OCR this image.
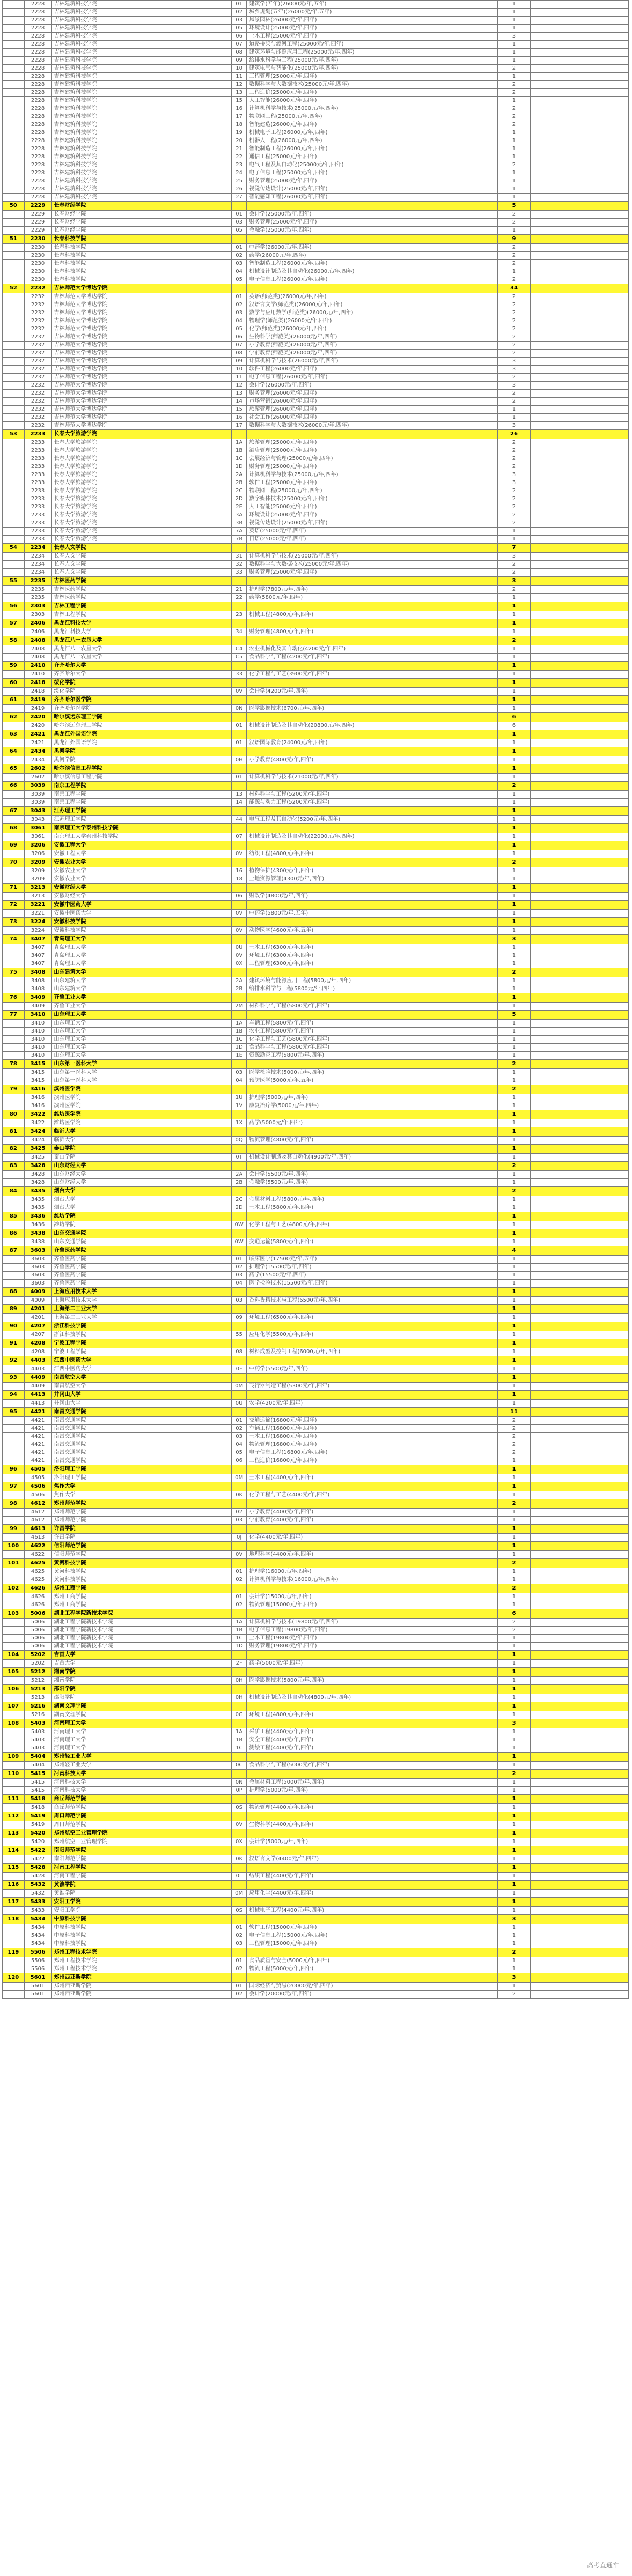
	2228	吉林建筑科技学院	01	建筑学(五年)(26000元/年,五年)	1	
	2228	吉林建筑科技学院	02	城乡规划(五年)(26000元/年,五年)	1	
	2228	吉林建筑科技学院	03	风景园林(26000元/年,四年)	1	
	2228	吉林建筑科技学院	05	环境设计(25000元/年,四年)	1	
	2228	吉林建筑科技学院	06	土木工程(25000元/年,四年)	3	
	2228	吉林建筑科技学院	07	道路桥梁与渡河工程(25000元/年,四年)	1	
	2228	吉林建筑科技学院	08	建筑环境与能源应用工程(25000元/年,四年)	1	
	2228	吉林建筑科技学院	09	给排水科学与工程(25000元/年,四年)	1	
	2228	吉林建筑科技学院	10	建筑电气与智能化(25000元/年,四年)	2	
	2228	吉林建筑科技学院	11	工程管理(25000元/年,四年)	1	
	2228	吉林建筑科技学院	12	数据科学与大数据技术(25000元/年,四年)	2	
	2228	吉林建筑科技学院	13	工程造价(25000元/年,四年)	2	
	2228	吉林建筑科技学院	15	人工智能(26000元/年,四年)	1	
	2228	吉林建筑科技学院	16	计算机科学与技术(25000元/年,四年)	2	
	2228	吉林建筑科技学院	17	物联网工程(25000元/年,四年)	2	
	2228	吉林建筑科技学院	18	智能建造(26000元/年,四年)	2	
	2228	吉林建筑科技学院	19	机械电子工程(26000元/年,四年)	1	
	2228	吉林建筑科技学院	20	机器人工程(26000元/年,四年)	1	
	2228	吉林建筑科技学院	21	智能制造工程(26000元/年,四年)	1	
	2228	吉林建筑科技学院	22	通信工程(25000元/年,四年)	1	
	2228	吉林建筑科技学院	23	电气工程及其自动化(25000元/年,四年)	2	
	2228	吉林建筑科技学院	24	电子信息工程(25000元/年,四年)	1	
	2228	吉林建筑科技学院	25	财务管理(25000元/年,四年)	1	
	2228	吉林建筑科技学院	26	视觉传达设计(25000元/年,四年)	1	
	2228	吉林建筑科技学院	27	智能感知工程(26000元/年,四年)	1	
50	2229	长春财经学院			5	
	2229	长春财经学院	01	会计学(25000元/年,四年)	2	
	2229	长春财经学院	03	财务管理(25000元/年,四年)	2	
	2229	长春财经学院	05	金融学(25000元/年,四年)	1	
51	2230	长春科技学院			9	
	2230	长春科技学院	01	中药学(26000元/年,四年)	2	
	2230	长春科技学院	02	药学(26000元/年,四年)	2	
	2230	长春科技学院	03	智能制造工程(26000元/年,四年)	2	
	2230	长春科技学院	04	机械设计制造及其自动化(26000元/年,四年)	1	
	2230	长春科技学院	05	电子信息工程(26000元/年,四年)	2	
52	2232	吉林师范大学博达学院			34	
	2232	吉林师范大学博达学院	01	英语(师范类)(26000元/年,四年)	2	
	2232	吉林师范大学博达学院	02	汉语言文学(师范类)(26000元/年,四年)	2	
	2232	吉林师范大学博达学院	03	数学与应用数学(师范类)(26000元/年,四年)	2	
	2232	吉林师范大学博达学院	04	物理学(师范类)(26000元/年,四年)	2	
	2232	吉林师范大学博达学院	05	化学(师范类)(26000元/年,四年)	2	
	2232	吉林师范大学博达学院	06	生物科学(师范类)(26000元/年,四年)	2	
	2232	吉林师范大学博达学院	07	小学教育(师范类)(26000元/年,四年)	2	
	2232	吉林师范大学博达学院	08	学前教育(师范类)(26000元/年,四年)	2	
	2232	吉林师范大学博达学院	09	计算机科学与技术(26000元/年,四年)	3	
	2232	吉林师范大学博达学院	10	软件工程(26000元/年,四年)	3	
	2232	吉林师范大学博达学院	11	电子信息工程(26000元/年,四年)	2	
	2232	吉林师范大学博达学院	12	会计学(26000元/年,四年)	3	
	2232	吉林师范大学博达学院	13	财务管理(26000元/年,四年)	2	
	2232	吉林师范大学博达学院	14	市场营销(26000元/年,四年)	2	
	2232	吉林师范大学博达学院	15	旅游管理(26000元/年,四年)	1	
	2232	吉林师范大学博达学院	16	社会工作(26000元/年,四年)	1	
	2232	吉林师范大学博达学院	17	数据科学与大数据技术(26000元/年,四年)	3	
53	2233	长春大学旅游学院			26	
	2233	长春大学旅游学院	1A	旅游管理(25000元/年,四年)	2	
	2233	长春大学旅游学院	1B	酒店管理(25000元/年,四年)	2	
	2233	长春大学旅游学院	1C	会展经济与管理(25000元/年,四年)	2	
	2233	长春大学旅游学院	1D	财务管理(25000元/年,四年)	2	
	2233	长春大学旅游学院	2A	计算机科学与技术(25000元/年,四年)	3	
	2233	长春大学旅游学院	2B	软件工程(25000元/年,四年)	3	
	2233	长春大学旅游学院	2C	物联网工程(25000元/年,四年)	2	
	2233	长春大学旅游学院	2D	数字媒体技术(25000元/年,四年)	2	
	2233	长春大学旅游学院	2E	人工智能(25000元/年,四年)	2	
	2233	长春大学旅游学院	3A	环境设计(25000元/年,四年)	2	
	2233	长春大学旅游学院	3B	视觉传达设计(25000元/年,四年)	2	
	2233	长春大学旅游学院	7A	英语(25000元/年,四年)	1	
	2233	长春大学旅游学院	7B	日语(25000元/年,四年)	1	
54	2234	长春人文学院			7	
	2234	长春人文学院	31	计算机科学与技术(25000元/年,四年)	3	
	2234	长春人文学院	32	数据科学与大数据技术(25000元/年,四年)	2	
	2234	长春人文学院	33	财务管理(25000元/年,四年)	2	
55	2235	吉林医药学院			3	
	2235	吉林医药学院	21	护理学(7800元/年,四年)	2	
	2235	吉林医药学院	22	药学(5800元/年,四年)	1	
56	2303	吉林工程学院			1	
	2303	吉林工程学院	23	机械工程(4800元/年,四年)	1	
57	2406	黑龙江科技大学			1	
	2406	黑龙江科技大学	34	财务管理(4800元/年,四年)	1	
58	2408	黑龙江八一农垦大学			2	
	2408	黑龙江八一农垦大学	C4	农业机械化及其自动化(4200元/年,四年)	1	
	2408	黑龙江八一农垦大学	C5	食品科学与工程(4200元/年,四年)	1	
59	2410	齐齐哈尔大学			1	
	2410	齐齐哈尔大学	33	化学工程与工艺(3900元/年,四年)	1	
60	2418	绥化学院			1	
	2418	绥化学院	0V	会计学(4200元/年,四年)	1	
61	2419	齐齐哈尔医学院			1	
	2419	齐齐哈尔医学院	0N	医学影像技术(6700元/年,四年)	1	
62	2420	哈尔滨远东理工学院			6	
	2420	哈尔滨远东理工学院	01	机械设计制造及其自动化(20800元/年,四年)	6	
63	2421	黑龙江外国语学院			1	
	2421	黑龙江外国语学院	01	汉语国际教育(24000元/年,四年)	1	
64	2434	黑河学院			1	
	2434	黑河学院	0H	小学教育(4800元/年,四年)	1	
65	2602	哈尔滨信息工程学院			1	
	2602	哈尔滨信息工程学院	01	计算机科学与技术(21000元/年,四年)	1	
66	3039	南京工程学院			2	
	3039	南京工程学院	13	材料科学与工程(5200元/年,四年)	1	
	3039	南京工程学院	14	能源与动力工程(5200元/年,四年)	1	
67	3043	江苏理工学院			1	
	3043	江苏理工学院	44	电气工程及其自动化(5200元/年,四年)	1	
68	3061	南京理工大学泰州科技学院			1	
	3061	南京理工大学泰州科技学院	07	机械设计制造及其自动化(22000元/年,四年)	1	
69	3206	安徽工程大学			1	
	3206	安徽工程大学	0V	纺织工程(4800元/年,四年)	1	
70	3209	安徽农业大学			2	
	3209	安徽农业大学	16	植物保护(4300元/年,四年)	1	
	3209	安徽农业大学	18	土地资源管理(4300元/年,四年)	1	
71	3213	安徽财经大学			1	
	3213	安徽财经大学	06	财政学(4800元/年,四年)	1	
72	3221	安徽中医药大学			1	
	3221	安徽中医药大学	0V	中药学(5800元/年,五年)	1	
73	3224	安徽科技学院			1	
	3224	安徽科技学院	0V	动物医学(4600元/年,五年)	1	
74	3407	青岛理工大学			3	
	3407	青岛理工大学	0U	土木工程(6300元/年,四年)	1	
	3407	青岛理工大学	0V	环境工程(6300元/年,四年)	1	
	3407	青岛理工大学	0X	工程管理(6300元/年,四年)	1	
75	3408	山东建筑大学			2	
	3408	山东建筑大学	2A	建筑环境与能源应用工程(5800元/年,四年)	1	
	3408	山东建筑大学	2B	给排水科学与工程(5800元/年,四年)	1	
76	3409	齐鲁工业大学			1	
	3409	齐鲁工业大学	2M	材料科学与工程(5800元/年,四年)	1	
77	3410	山东理工大学			5	
	3410	山东理工大学	1A	车辆工程(5800元/年,四年)	1	
	3410	山东理工大学	1B	农业工程(5800元/年,四年)	1	
	3410	山东理工大学	1C	化学工程与工艺(5800元/年,四年)	1	
	3410	山东理工大学	1D	食品科学与工程(5800元/年,四年)	1	
	3410	山东理工大学	1E	资源勘查工程(5800元/年,四年)	1	
78	3415	山东第一医科大学			2	
	3415	山东第一医科大学	03	医学检验技术(5000元/年,四年)	1	
	3415	山东第一医科大学	04	预防医学(5000元/年,五年)	1	
79	3416	滨州医学院			2	
	3416	滨州医学院	1U	护理学(5000元/年,四年)	1	
	3416	滨州医学院	1V	康复治疗学(5000元/年,四年)	1	
80	3422	潍坊医学院			1	
	3422	潍坊医学院	1X	药学(5000元/年,四年)	1	
81	3424	临沂大学			1	
	3424	临沂大学	0Q	物流管理(4800元/年,四年)	1	
82	3425	泰山学院			1	
	3425	泰山学院	0T	机械设计制造及其自动化(4900元/年,四年)	1	
83	3428	山东财经大学			2	
	3428	山东财经大学	2A	会计学(5500元/年,四年)	1	
	3428	山东财经大学	2B	金融学(5500元/年,四年)	1	
84	3435	烟台大学			2	
	3435	烟台大学	2C	金属材料工程(5800元/年,四年)	1	
	3435	烟台大学	2D	土木工程(5800元/年,四年)	1	
85	3436	潍坊学院			1	
	3436	潍坊学院	0W	化学工程与工艺(4800元/年,四年)	1	
86	3438	山东交通学院			1	
	3438	山东交通学院	0W	交通运输(5800元/年,四年)	1	
87	3603	齐鲁医药学院			4	
	3603	齐鲁医药学院	01	临床医学(17500元/年,五年)	1	
	3603	齐鲁医药学院	02	护理学(15500元/年,四年)	1	
	3603	齐鲁医药学院	03	药学(15500元/年,四年)	1	
	3603	齐鲁医药学院	04	医学检验技术(15500元/年,四年)	1	
88	4009	上海应用技术大学			1	
	4009	上海应用技术大学	03	香料香精技术与工程(6500元/年,四年)	1	
89	4201	上海第二工业大学			1	
	4201	上海第二工业大学	09	环境工程(6500元/年,四年)	1	
90	4207	浙江科技学院			1	
	4207	浙江科技学院	55	应用化学(5500元/年,四年)	1	
91	4208	宁波工程学院			1	
	4208	宁波工程学院	08	材料成型及控制工程(6000元/年,四年)	1	
92	4403	江西中医药大学			1	
	4403	江西中医药大学	0F	中药学(5500元/年,四年)	1	
93	4409	南昌航空大学			1	
	4409	南昌航空大学	0M	飞行器制造工程(5300元/年,四年)	1	
94	4413	井冈山大学			1	
	4413	井冈山大学	0U	农学(4200元/年,四年)	1	
95	4421	南昌交通学院			11	
	4421	南昌交通学院	01	交通运输(16800元/年,四年)	2	
	4421	南昌交通学院	02	车辆工程(16800元/年,四年)	2	
	4421	南昌交通学院	03	土木工程(16800元/年,四年)	2	
	4421	南昌交通学院	04	物流管理(16800元/年,四年)	2	
	4421	南昌交通学院	05	电子信息工程(16800元/年,四年)	2	
	4421	南昌交通学院	06	工程造价(16800元/年,四年)	1	
96	4505	洛阳理工学院			1	
	4505	洛阳理工学院	0M	土木工程(4400元/年,四年)	1	
97	4506	焦作大学			1	
	4506	焦作大学	0K	化学工程与工艺(4400元/年,四年)	1	
98	4612	郑州师范学院			2	
	4612	郑州师范学院	02	小学教育(4400元/年,四年)	1	
	4612	郑州师范学院	03	学前教育(4400元/年,四年)	1	
99	4613	许昌学院			1	
	4613	许昌学院	0J	化学(4400元/年,四年)	1	
100	4622	信阳师范学院			1	
	4622	信阳师范学院	0V	地理科学(4400元/年,四年)	1	
101	4625	黄河科技学院			2	
	4625	黄河科技学院	01	护理学(16000元/年,四年)	1	
	4625	黄河科技学院	02	计算机科学与技术(16000元/年,四年)	1	
102	4626	郑州工商学院			2	
	4626	郑州工商学院	01	会计学(15000元/年,四年)	1	
	4626	郑州工商学院	02	物流管理(15000元/年,四年)	1	
103	5006	湖北工程学院新技术学院			6	
	5006	湖北工程学院新技术学院	1A	计算机科学与技术(19800元/年,四年)	2	
	5006	湖北工程学院新技术学院	1B	电子信息工程(19800元/年,四年)	2	
	5006	湖北工程学院新技术学院	1C	土木工程(19800元/年,四年)	1	
	5006	湖北工程学院新技术学院	1D	财务管理(19800元/年,四年)	1	
104	5202	吉首大学			1	
	5202	吉首大学	2F	药学(5000元/年,四年)	1	
105	5212	湘南学院			1	
	5212	湘南学院	0H	医学影像技术(5800元/年,四年)	1	
106	5213	邵阳学院			1	
	5213	邵阳学院	0H	机械设计制造及其自动化(4800元/年,四年)	1	
107	5216	湖南文理学院			1	
	5216	湖南文理学院	0G	环境工程(4800元/年,四年)	1	
108	5403	河南理工大学			3	
	5403	河南理工大学	1A	采矿工程(4400元/年,四年)	1	
	5403	河南理工大学	1B	安全工程(4400元/年,四年)	1	
	5403	河南理工大学	1C	测绘工程(4400元/年,四年)	1	
109	5404	郑州轻工业大学			1	
	5404	郑州轻工业大学	0C	食品科学与工程(5000元/年,四年)	1	
110	5415	河南科技大学			2	
	5415	河南科技大学	0N	金属材料工程(5000元/年,四年)	1	
	5415	河南科技大学	0P	护理学(5000元/年,四年)	1	
111	5418	商丘师范学院			1	
	5418	商丘师范学院	0S	物流管理(4400元/年,四年)	1	
112	5419	周口师范学院			1	
	5419	周口师范学院	0V	生物科学(4400元/年,四年)	1	
113	5420	郑州航空工业管理学院			1	
	5420	郑州航空工业管理学院	0X	会计学(5000元/年,四年)	1	
114	5422	南阳师范学院			1	
	5422	南阳师范学院	0K	汉语言文学(4400元/年,四年)	1	
115	5428	河南工程学院			1	
	5428	河南工程学院	0L	纺织工程(4400元/年,四年)	1	
116	5432	黄淮学院			1	
	5432	黄淮学院	0M	应用化学(4400元/年,四年)	1	
117	5433	安阳工学院			1	
	5433	安阳工学院	0S	机械电子工程(4400元/年,四年)	1	
118	5434	中原科技学院			3	
	5434	中原科技学院	01	软件工程(15000元/年,四年)	1	
	5434	中原科技学院	02	电子信息工程(15000元/年,四年)	1	
	5434	中原科技学院	03	工程管理(15000元/年,四年)	1	
119	5506	郑州工程技术学院			2	
	5506	郑州工程技术学院	01	食品质量与安全(5000元/年,四年)	1	
	5506	郑州工程技术学院	02	物流工程(5000元/年,四年)	1	
120	5601	郑州西亚斯学院			3	
	5601	郑州西亚斯学院	01	国际经济与贸易(20000元/年,四年)	1	
	5601	郑州西亚斯学院	02	会计学(20000元/年,四年)	2	
高考直通车
